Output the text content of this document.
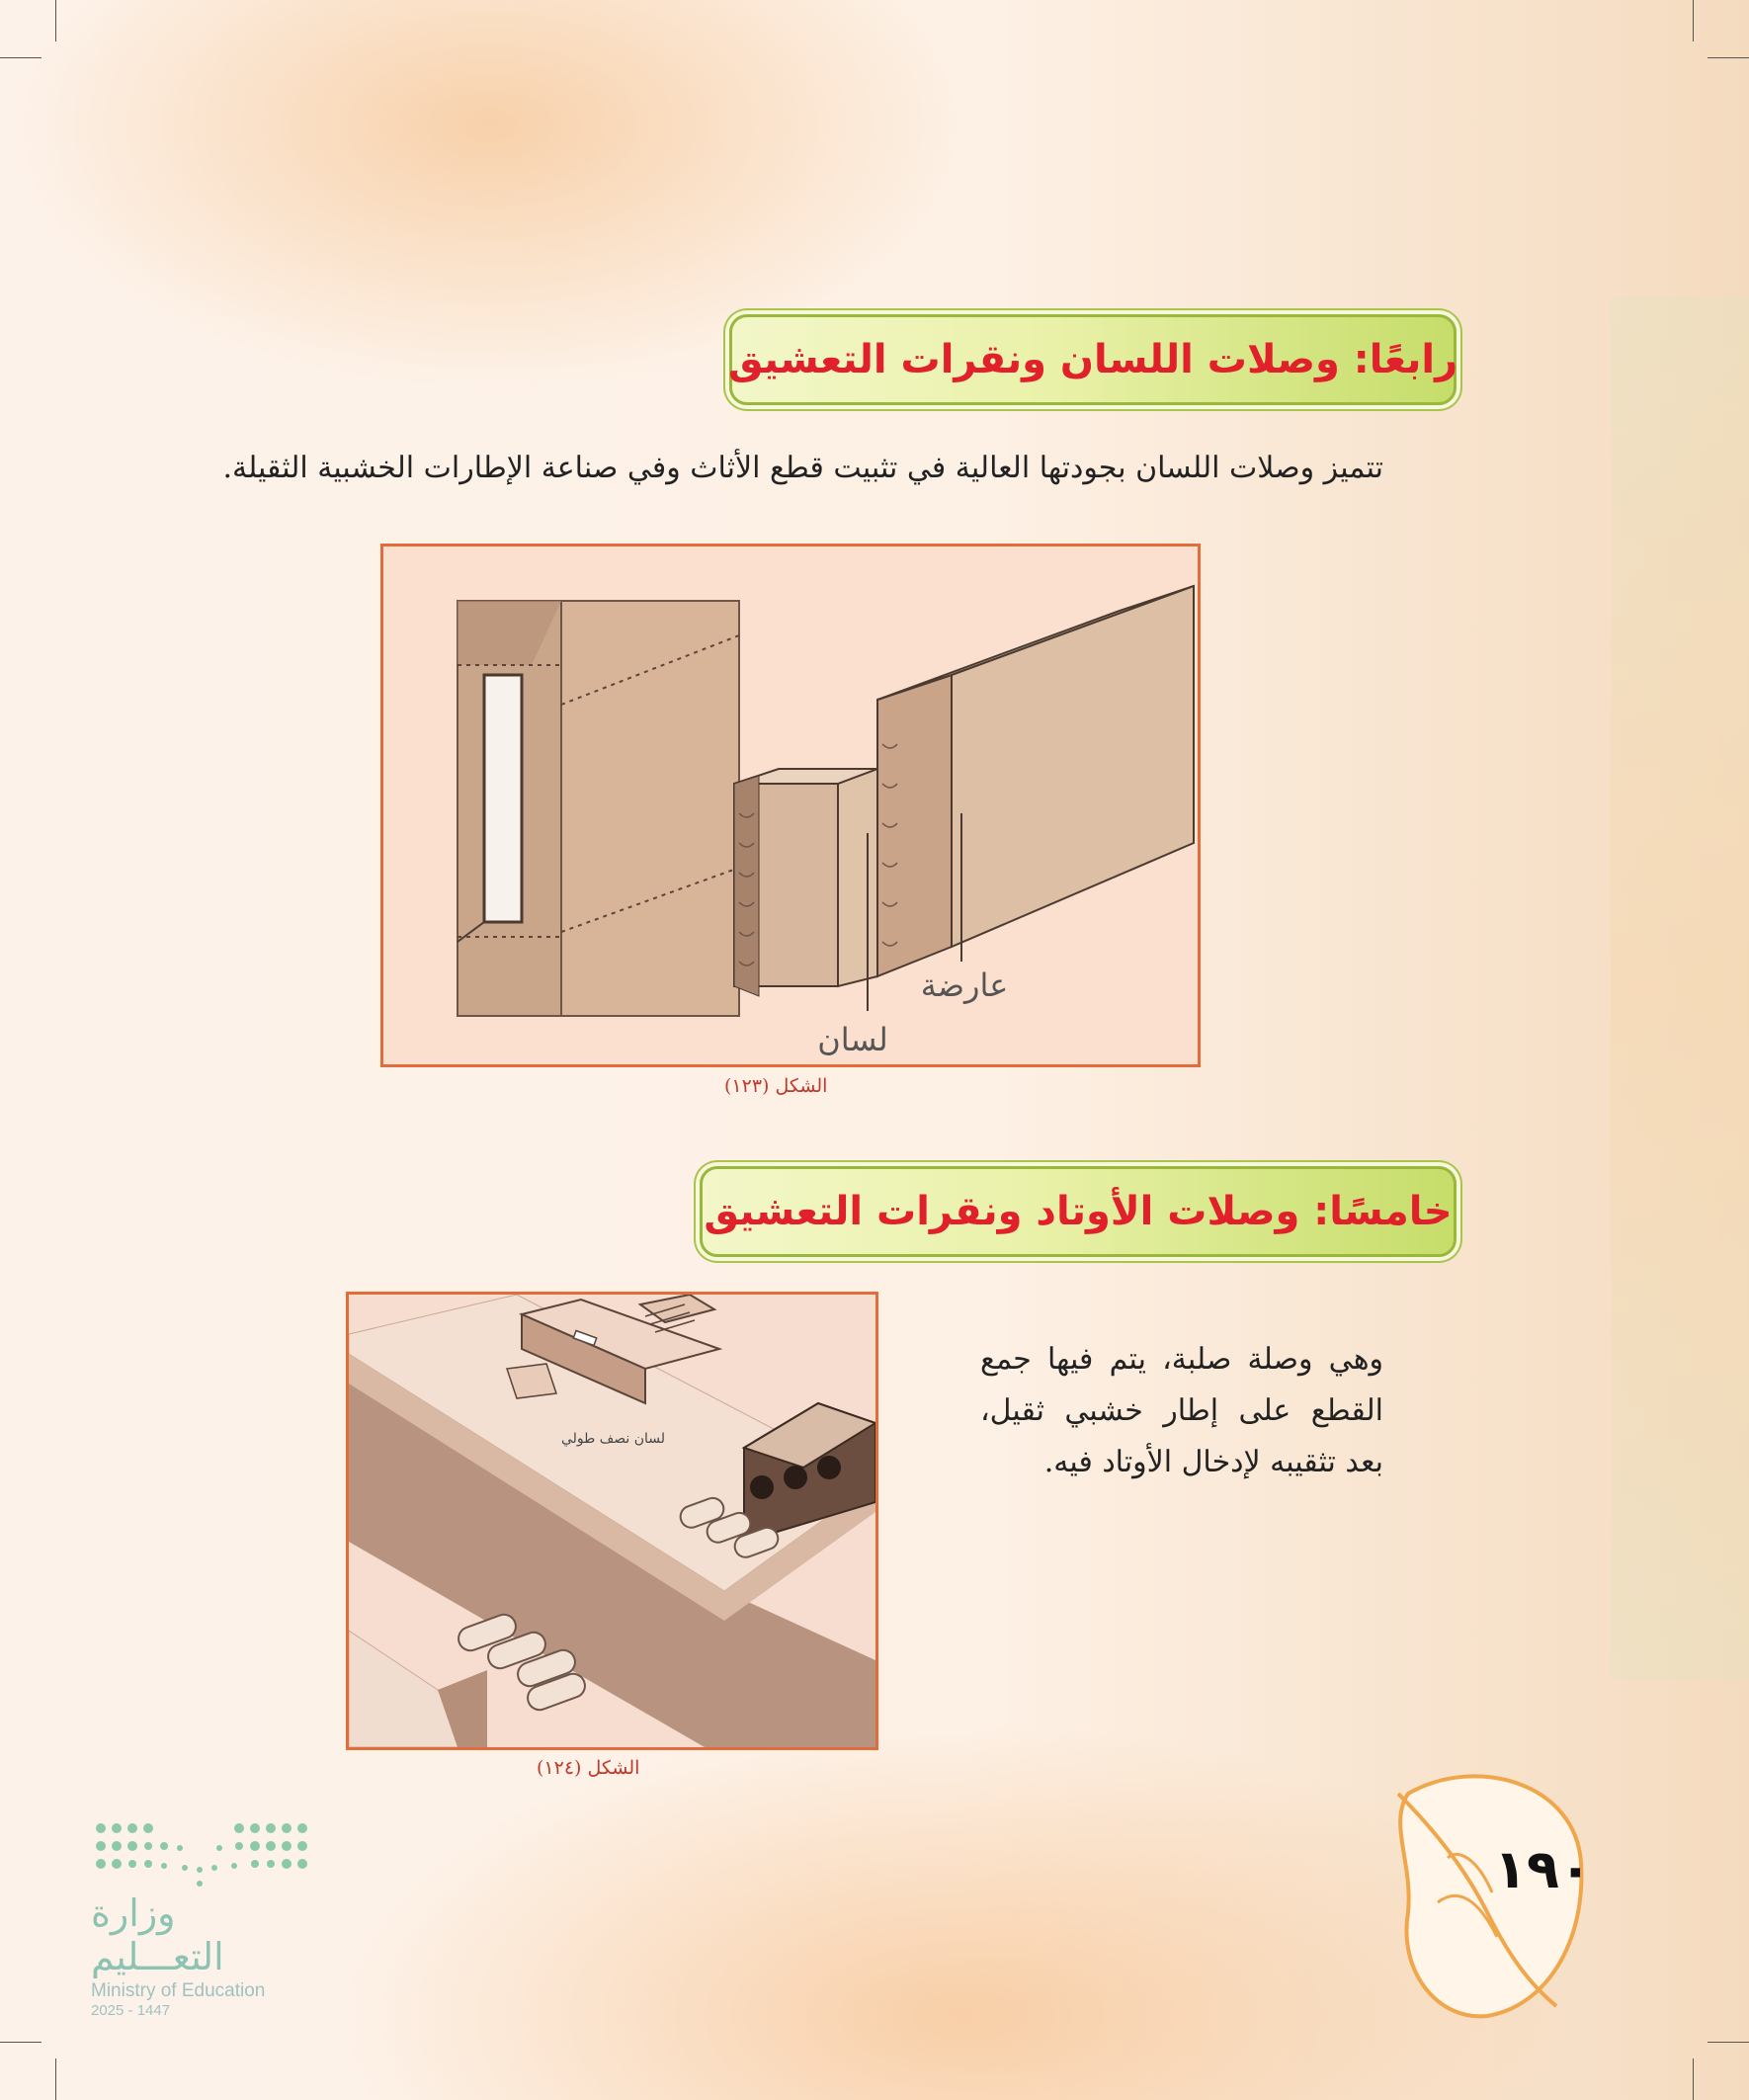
رابعًا: وصلات اللسان ونقرات التعشيق
تتميز وصلات اللسان بجودتها العالية في تثبيت قطع الأثاث وفي صناعة الإطارات الخشبية الثقيلة.
لسان
عارضة
الشكل (١٢٣)
خامسًا: وصلات الأوتاد ونقرات التعشيق
وهي وصلة صلبة، يتم فيها جمع القطع على إطار خشبي ثقيل، بعد تثقيبه لإدخال الأوتاد فيه.
لسان نصف طولي
الشكل (١٢٤)
وزارة التعـــليم
Ministry of Education
2025 - 1447
١٩٠
